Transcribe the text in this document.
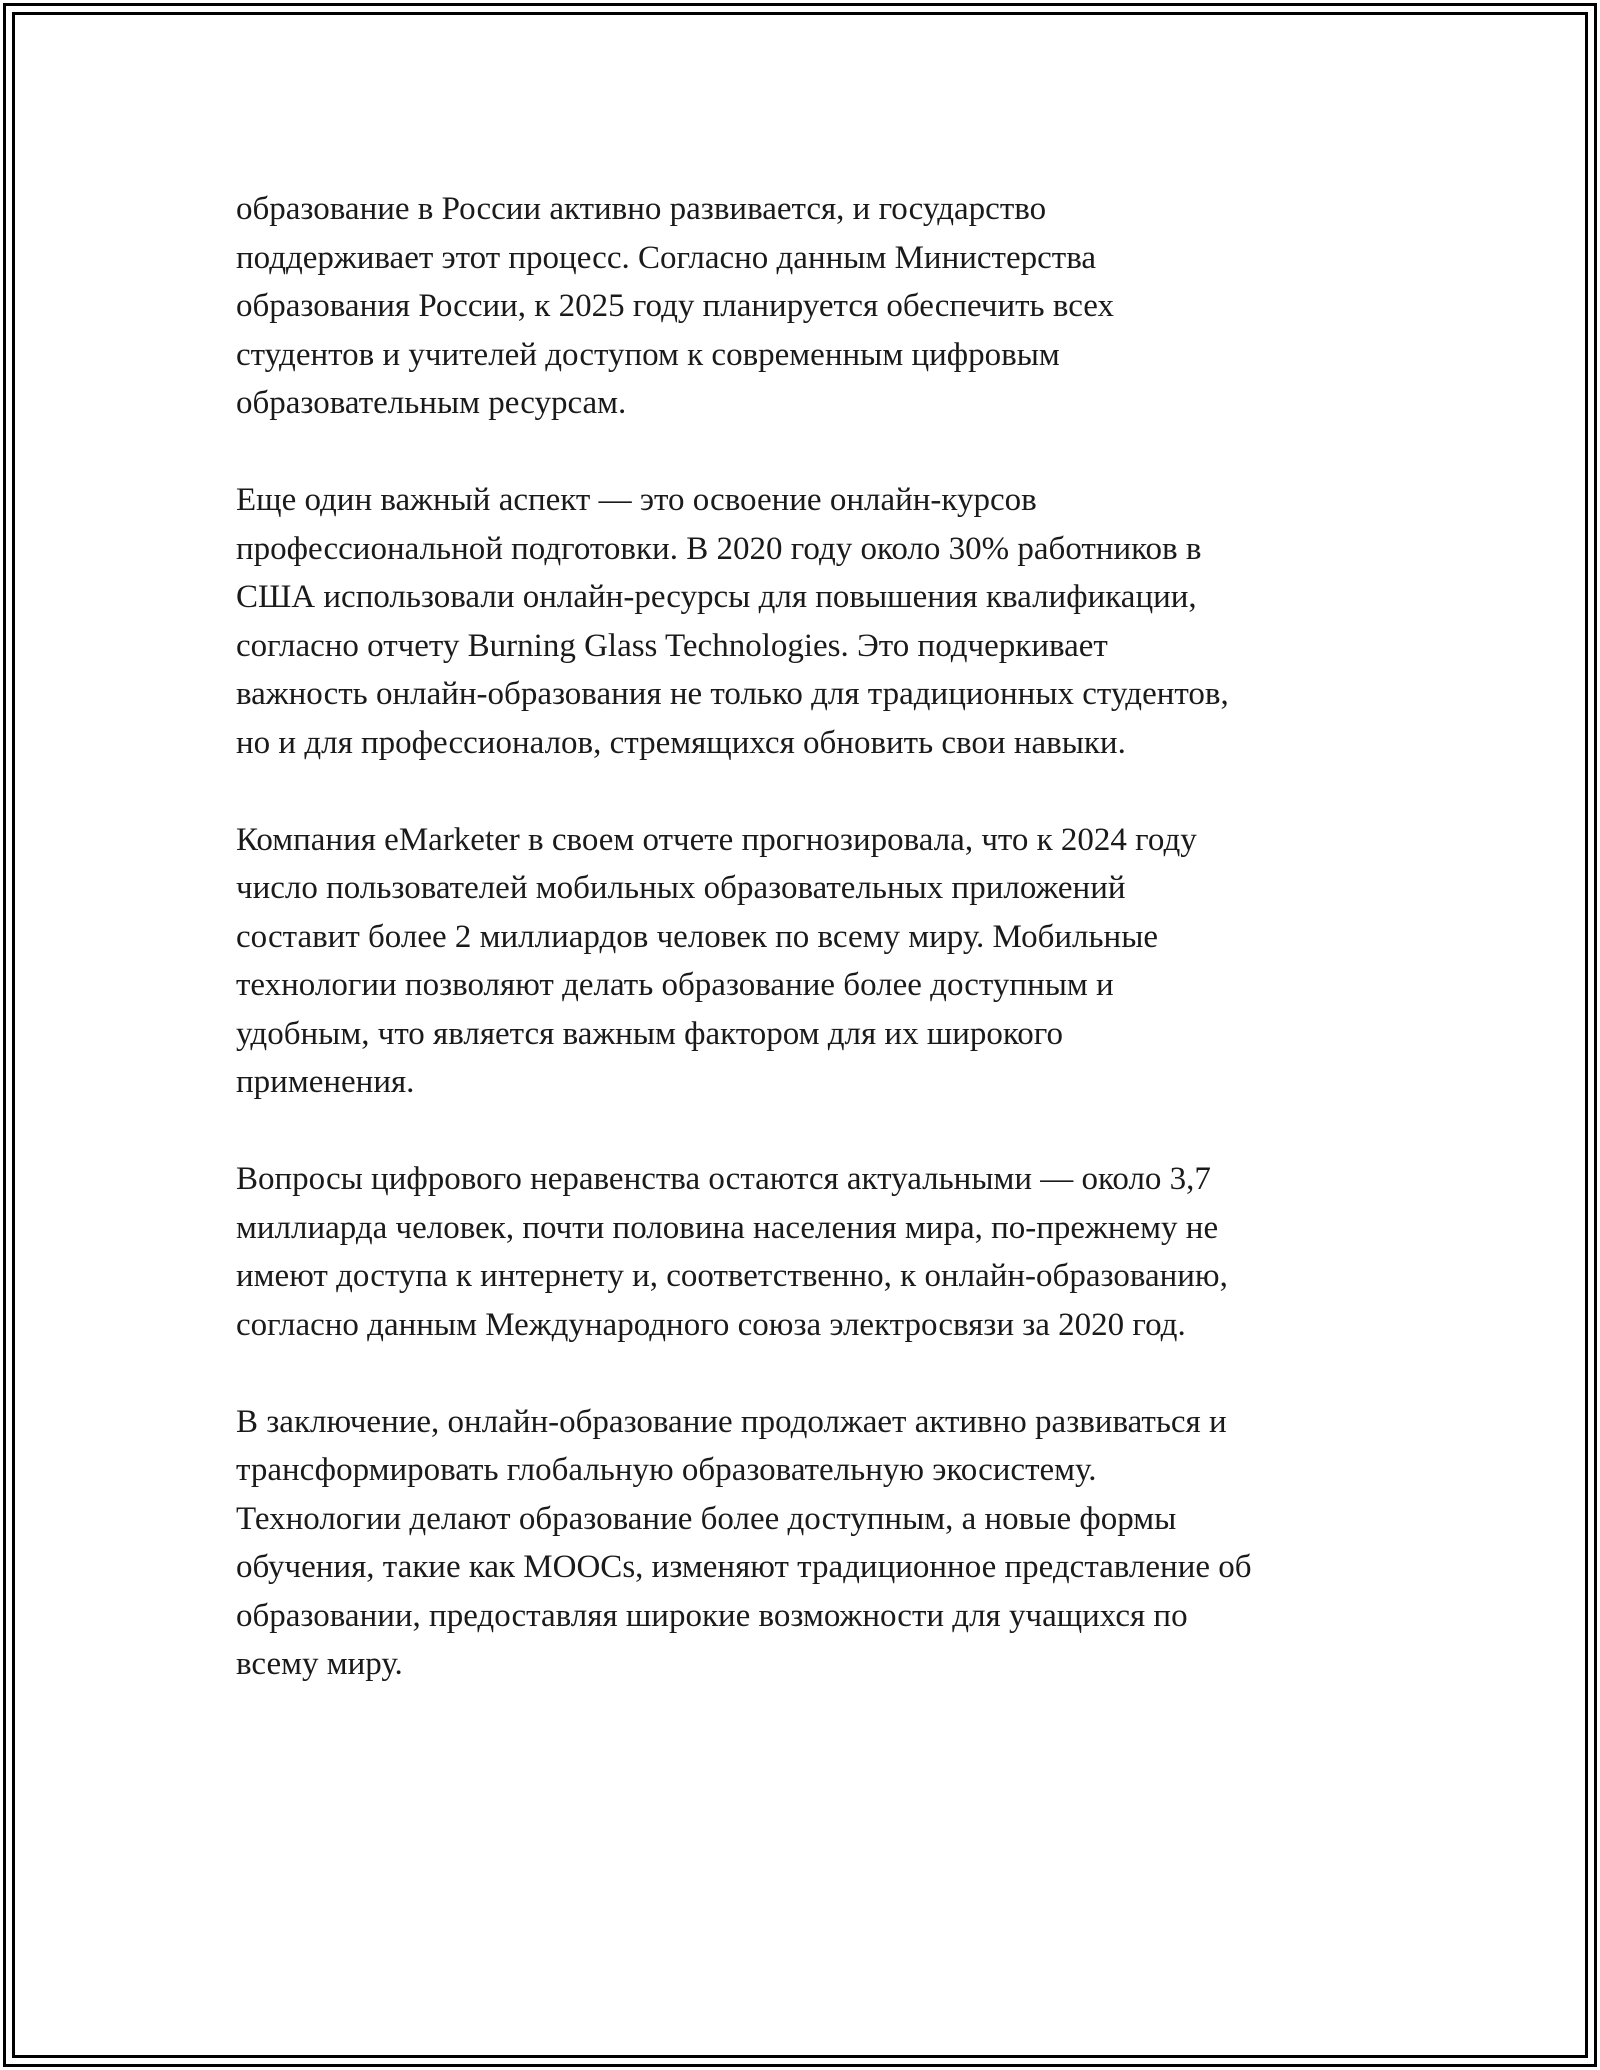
образование в России активно развивается, и государство
поддерживает этот процесс. Согласно данным Министерства
образования России, к 2025 году планируется обеспечить всех
студентов и учителей доступом к современным цифровым
образовательным ресурсам.

Еще один важный аспект — это освоение онлайн-курсов
профессиональной подготовки. В 2020 году около 30% работников в
США использовали онлайн-ресурсы для повышения квалификации,
согласно отчету Burning Glass Technologies. Это подчеркивает
важность онлайн-образования не только для традиционных студентов,
но и для профессионалов, стремящихся обновить свои навыки.

Компания eMarketer в своем отчете прогнозировала, что к 2024 году
число пользователей мобильных образовательных приложений
составит более 2 миллиардов человек по всему миру. Мобильные
технологии позволяют делать образование более доступным и
удобным, что является важным фактором для их широкого
применения.

Вопросы цифрового неравенства остаются актуальными — около 3,7
миллиарда человек, почти половина населения мира, по-прежнему не
имеют доступа к интернету и, соответственно, к онлайн-образованию,
согласно данным Международного союза электросвязи за 2020 год.

В заключение, онлайн-образование продолжает активно развиваться и
трансформировать глобальную образовательную экосистему.
Технологии делают образование более доступным, а новые формы
обучения, такие как MOOCs, изменяют традиционное представление об
образовании, предоставляя широкие возможности для учащихся по
всему миру.
